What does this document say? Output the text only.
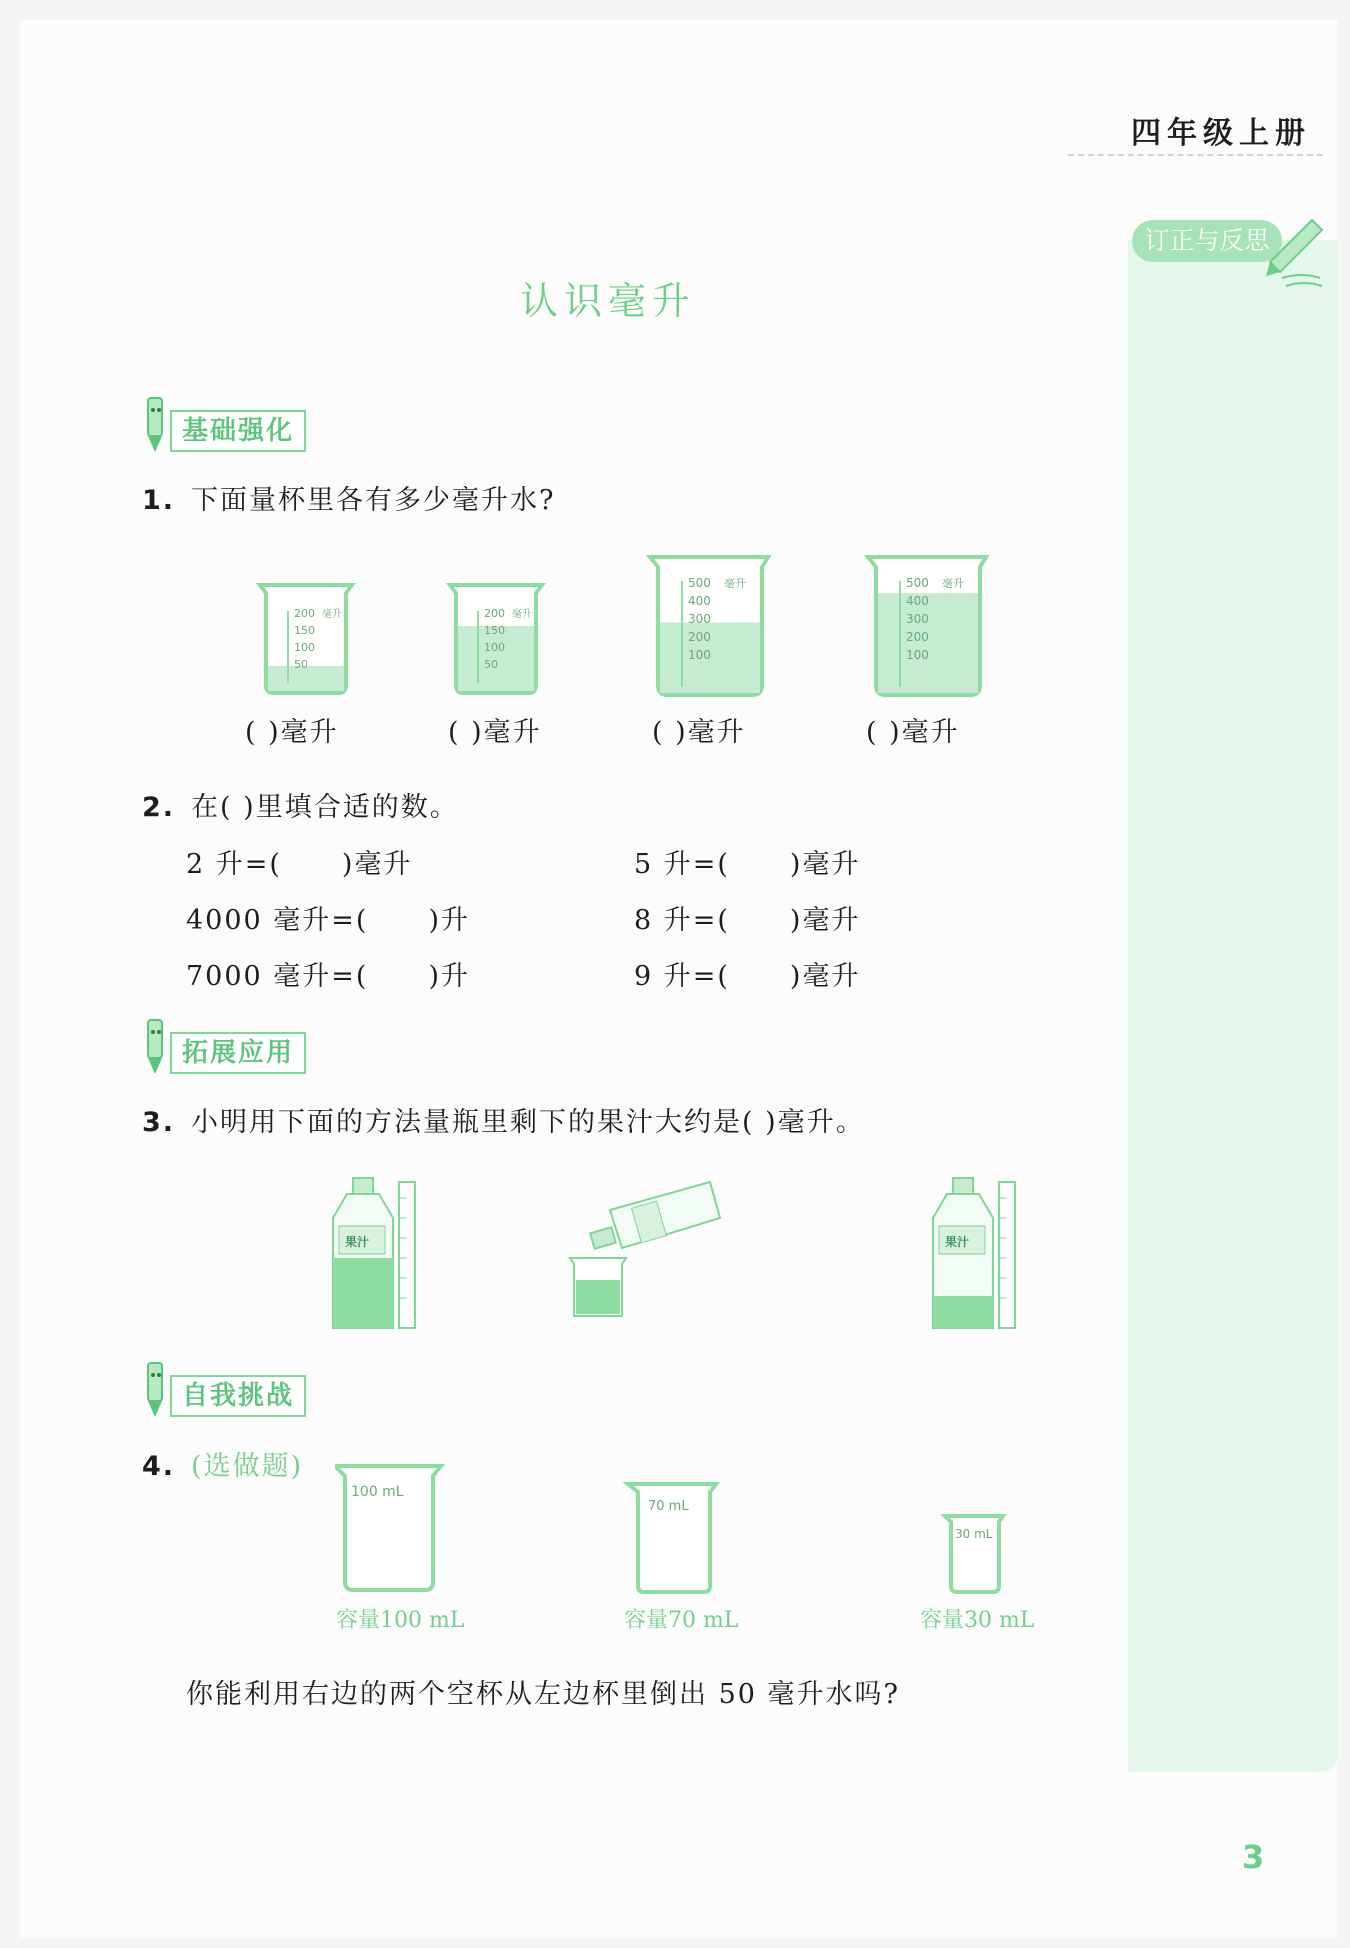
四年级上册
订正与反思
认识毫升
基础强化
1. 下面量杯里各有多少毫升水?
200
150
100
50
毫升	200
150
100
50
毫升
500
400
300
200
100
毫升	500
400
300
200
100
毫升
( )毫升	( )毫升	( )毫升	( )毫升
2. 在( )里填合适的数。
2 升=( )毫升	5 升=( )毫升
4000 毫升=( )升	8 升=( )毫升
7000 毫升=( )升	9 升=( )毫升
拓展应用
3. 小明用下面的方法量瓶里剩下的果汁大约是( )毫升。
果汁	果汁
自我挑战
4. (选做题)
100 mL
70 mL
30 mL
容量100 mL	容量70 mL	容量30 mL
你能利用右边的两个空杯从左边杯里倒出 50 毫升水吗?
3
